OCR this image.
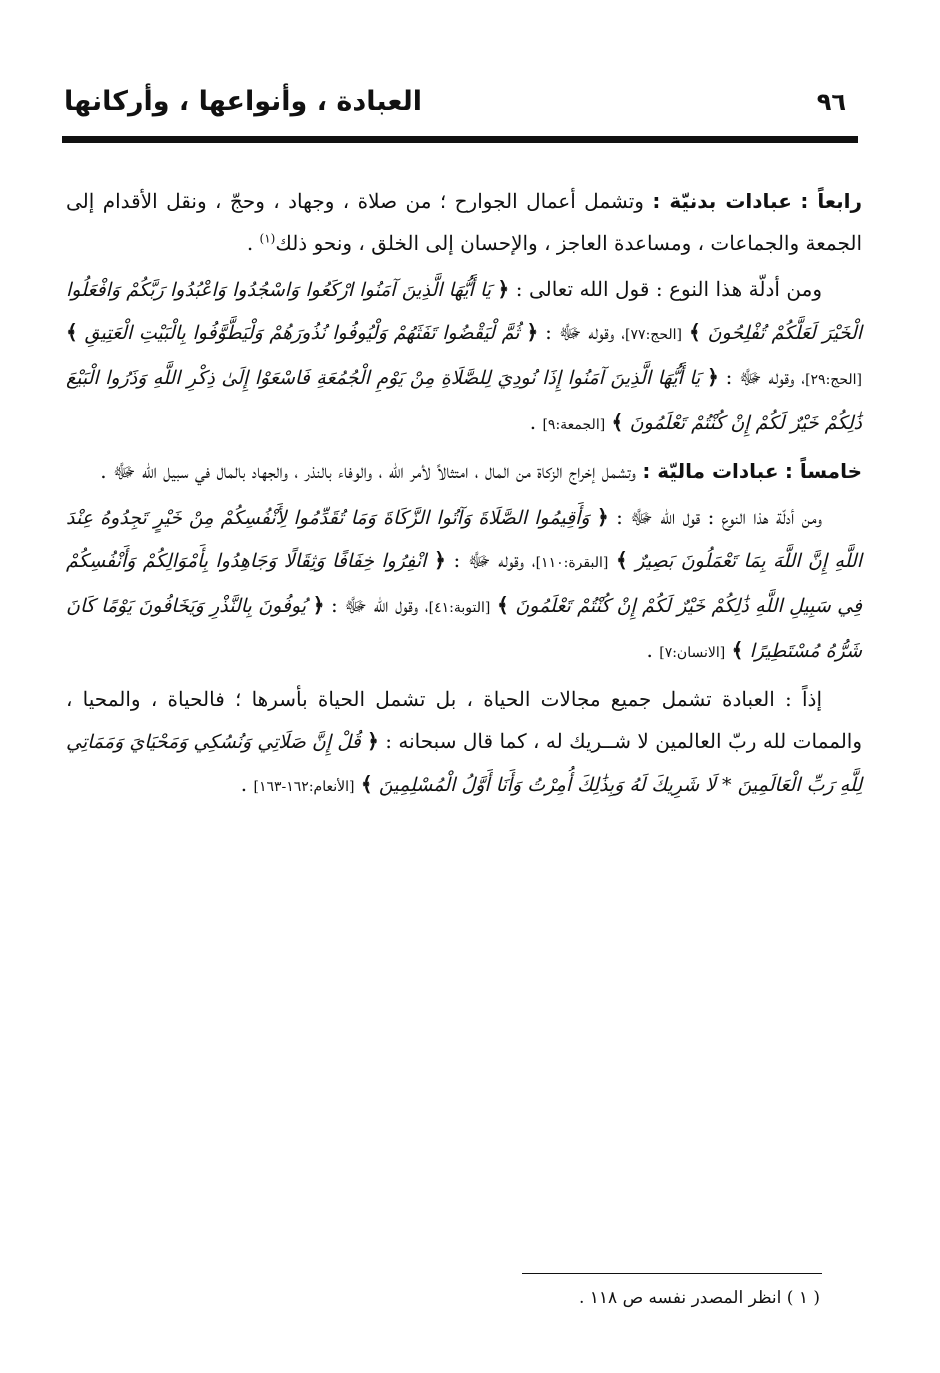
العبادة ، وأنواعها ، وأركانها	٩٦

رابعاً : عبادات بدنيّة : وتشمل أعمال الجوارح ؛ من صلاة ، وجهاد ، وحجّ ، ونقل الأقدام إلى الجمعة والجماعات ، ومساعدة العاجز ، والإحسان إلى الخلق ، ونحو ذلك$^{(١)}$ .

ومن أدلّة هذا النوع : قول الله تعالى : ﴿ يَا أَيُّهَا الَّذِينَ آمَنُوا ارْكَعُوا وَاسْجُدُوا وَاعْبُدُوا رَبَّكُمْ وَافْعَلُوا الْخَيْرَ لَعَلَّكُمْ تُفْلِحُونَ ﴾ [الحج:٧٧]، وقوله ﷻ : ﴿ ثُمَّ لْيَقْضُوا تَفَثَهُمْ وَلْيُوفُوا نُذُورَهُمْ وَلْيَطَّوَّفُوا بِالْبَيْتِ الْعَتِيقِ ﴾ [الحج:٢٩]، وقوله ﷻ : ﴿ يَا أَيُّهَا الَّذِينَ آمَنُوا إِذَا نُودِيَ لِلصَّلَاةِ مِنْ يَوْمِ الْجُمُعَةِ فَاسْعَوْا إِلَىٰ ذِكْرِ اللَّهِ وَذَرُوا الْبَيْعَ ذَٰلِكُمْ خَيْرٌ لَكُمْ إِنْ كُنْتُمْ تَعْلَمُونَ ﴾ [الجمعة:٩] .

خامساً : عبادات ماليّة : وتشمل إخراج الزكاة من المال ، امتثالاً لأمر الله ، والوفاء بالنذر ، والجهاد بالمال في سبيل الله ﷻ .

ومن أدلّة هذا النوع : قول الله ﷻ : ﴿ وَأَقِيمُوا الصَّلَاةَ وَآتُوا الزَّكَاةَ وَمَا تُقَدِّمُوا لِأَنْفُسِكُمْ مِنْ خَيْرٍ تَجِدُوهُ عِنْدَ اللَّهِ إِنَّ اللَّهَ بِمَا تَعْمَلُونَ بَصِيرٌ ﴾ [البقرة:١١٠]، وقوله ﷻ : ﴿ انْفِرُوا خِفَافًا وَثِقَالًا وَجَاهِدُوا بِأَمْوَالِكُمْ وَأَنْفُسِكُمْ فِي سَبِيلِ اللَّهِ ذَٰلِكُمْ خَيْرٌ لَكُمْ إِنْ كُنْتُمْ تَعْلَمُونَ ﴾ [التوبة:٤١]، وقول الله ﷻ : ﴿ يُوفُونَ بِالنَّذْرِ وَيَخَافُونَ يَوْمًا كَانَ شَرُّهُ مُسْتَطِيرًا ﴾ [الانسان:٧] .

إذاً : العبادة تشمل جميع مجالات الحياة ، بل تشمل الحياة بأسرها ؛ فالحياة ، والمحيا ، والممات لله ربّ العالمين لا شــريك له ، كما قال سبحانه : ﴿ قُلْ إِنَّ صَلَاتِي وَنُسُكِي وَمَحْيَايَ وَمَمَاتِي لِلَّهِ رَبِّ الْعَالَمِينَ * لَا شَرِيكَ لَهُ وَبِذَٰلِكَ أُمِرْتُ وَأَنَا أَوَّلُ الْمُسْلِمِينَ ﴾ [الأنعام:١٦٢-١٦٣] .

( ١ ) انظر المصدر نفسه ص ١١٨ .
